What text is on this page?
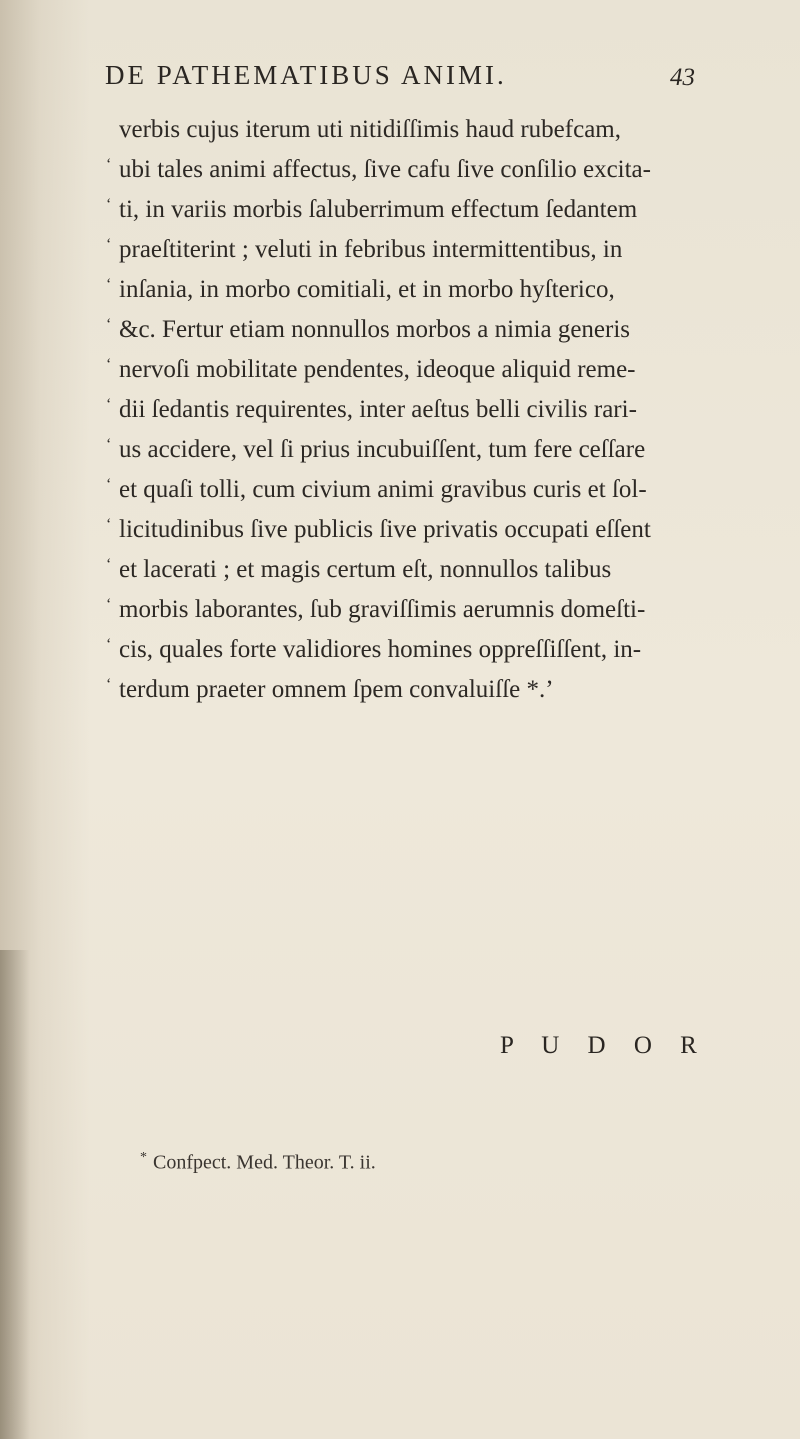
DE PATHEMATIBUS ANIMI.	43
verbis cujus iterum uti nitidiſſimis haud rubefcam,
‘ ubi tales animi affectus, ſive cafu ſive conſilio excita-
‘ ti, in variis morbis ſaluberrimum effectum ſedantem
‘ praeſtiterint ; veluti in febribus intermittentibus, in
‘ inſania, in morbo comitiali, et in morbo hyſterico,
‘ &c. Fertur etiam nonnullos morbos a nimia generis
‘ nervoſi mobilitate pendentes, ideoque aliquid reme-
‘ dii ſedantis requirentes, inter aeſtus belli civilis rari-
‘ us accidere, vel ſi prius incubuiſſent, tum fere ceſſare
‘ et quaſi tolli, cum civium animi gravibus curis et ſol-
‘ licitudinibus ſive publicis ſive privatis occupati eſſent
‘ et lacerati ; et magis certum eſt, nonnullos talibus
‘ morbis laborantes, ſub graviſſimis aerumnis domeſti-
‘ cis, quales forte validiores homines oppreſſiſſent, in-
‘ terdum praeter omnem ſpem convaluiſſe *.’
P U D O R
* Confpect. Med. Theor. T. ii.
